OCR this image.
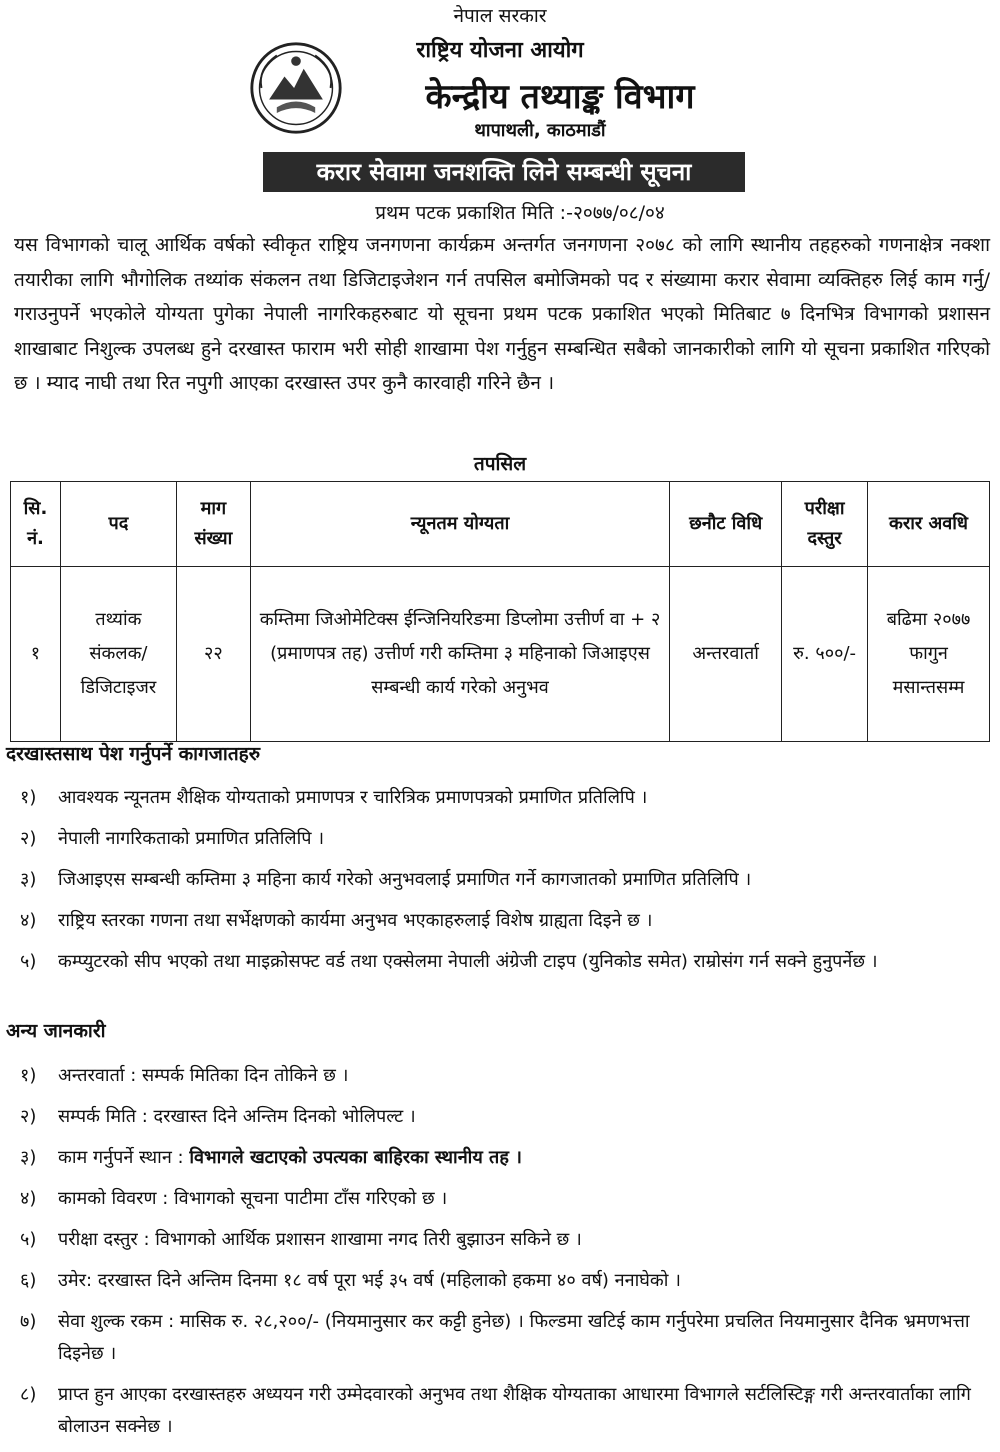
नेपाल सरकार
राष्ट्रिय योजना आयोग
केन्द्रीय तथ्याङ्क विभाग
थापाथली, काठमाडौं
करार सेवामा जनशक्ति लिने सम्बन्धी सूचना
प्रथम पटक प्रकाशित मिति :-२०७७/०८/०४

यस विभागको चालू आर्थिक वर्षको स्वीकृत राष्ट्रिय जनगणना कार्यक्रम अन्तर्गत जनगणना २०७८ को लागि स्थानीय तहहरुको गणनाक्षेत्र नक्शा तयारीका लागि भौगोलिक तथ्यांक संकलन तथा डिजिटाइजेशन गर्न तपसिल बमोजिमको पद र संख्यामा करार सेवामा व्यक्तिहरु लिई काम गर्नु/गराउनुपर्ने भएकोले योग्यता पुगेका नेपाली नागरिकहरुबाट यो सूचना प्रथम पटक प्रकाशित भएको मितिबाट ७ दिनभित्र विभागको प्रशासन शाखाबाट निशुल्क उपलब्ध हुने दरखास्त फाराम भरी सोही शाखामा पेश गर्नुहुन सम्बन्धित सबैको जानकारीको लागि यो सूचना प्रकाशित गरिएको छ । म्याद नाघी तथा रित नपुगी आएका दरखास्त उपर कुनै कारवाही गरिने छैन ।

तपसिल
सि. नं.	पद	माग संख्या	न्यूनतम योग्यता	छनौट विधि	परीक्षा दस्तुर	करार अवधि
१	तथ्यांक संकलक/ डिजिटाइजर	२२	कम्तिमा जिओमेटिक्स ईन्जिनियरिङमा डिप्लोमा उत्तीर्ण वा + २ (प्रमाणपत्र तह) उत्तीर्ण गरी कम्तिमा ३ महिनाको जिआइएस सम्बन्धी कार्य गरेको अनुभव	अन्तरवार्ता	रु. ५००/-	बढिमा २०७७ फागुन मसान्तसम्म
दरखास्तसाथ पेश गर्नुपर्ने कागजातहरु
१) आवश्यक न्यूनतम शैक्षिक योग्यताको प्रमाणपत्र र चारित्रिक प्रमाणपत्रको प्रमाणित प्रतिलिपि ।
२) नेपाली नागरिकताको प्रमाणित प्रतिलिपि ।
३) जिआइएस सम्बन्धी कम्तिमा ३ महिना कार्य गरेको अनुभवलाई प्रमाणित गर्ने कागजातको प्रमाणित प्रतिलिपि ।
४) राष्ट्रिय स्तरका गणना तथा सर्भेक्षणको कार्यमा अनुभव भएकाहरुलाई विशेष ग्राह्यता दिइने छ ।
५) कम्प्युटरको सीप भएको तथा माइक्रोसफ्ट वर्ड तथा एक्सेलमा नेपाली अंग्रेजी टाइप (युनिकोड समेत) राम्रोसंग गर्न सक्ने हुनुपर्नेछ ।
अन्य जानकारी
१) अन्तरवार्ता : सम्पर्क मितिका दिन तोकिने छ ।
२) सम्पर्क मिति : दरखास्त दिने अन्तिम दिनको भोलिपल्ट ।
३) काम गर्नुपर्ने स्थान : विभागले खटाएको उपत्यका बाहिरका स्थानीय तह ।
४) कामको विवरण : विभागको सूचना पाटीमा टाँस गरिएको छ ।
५) परीक्षा दस्तुर : विभागको आर्थिक प्रशासन शाखामा नगद तिरी बुझाउन सकिने छ ।
६) उमेर: दरखास्त दिने अन्तिम दिनमा १८ वर्ष पूरा भई ३५ वर्ष (महिलाको हकमा ४० वर्ष) ननाघेको ।
७) सेवा शुल्क रकम : मासिक रु. २८,२००/- (नियमानुसार कर कट्टी हुनेछ) । फिल्डमा खटिई काम गर्नुपरेमा प्रचलित नियमानुसार दैनिक भ्रमणभत्ता दिइनेछ ।
८) प्राप्त हुन आएका दरखास्तहरु अध्ययन गरी उम्मेदवारको अनुभव तथा शैक्षिक योग्यताका आधारमा विभागले सर्टलिस्टिङ्ग गरी अन्तरवार्ताका लागि बोलाउन सक्नेछ ।
